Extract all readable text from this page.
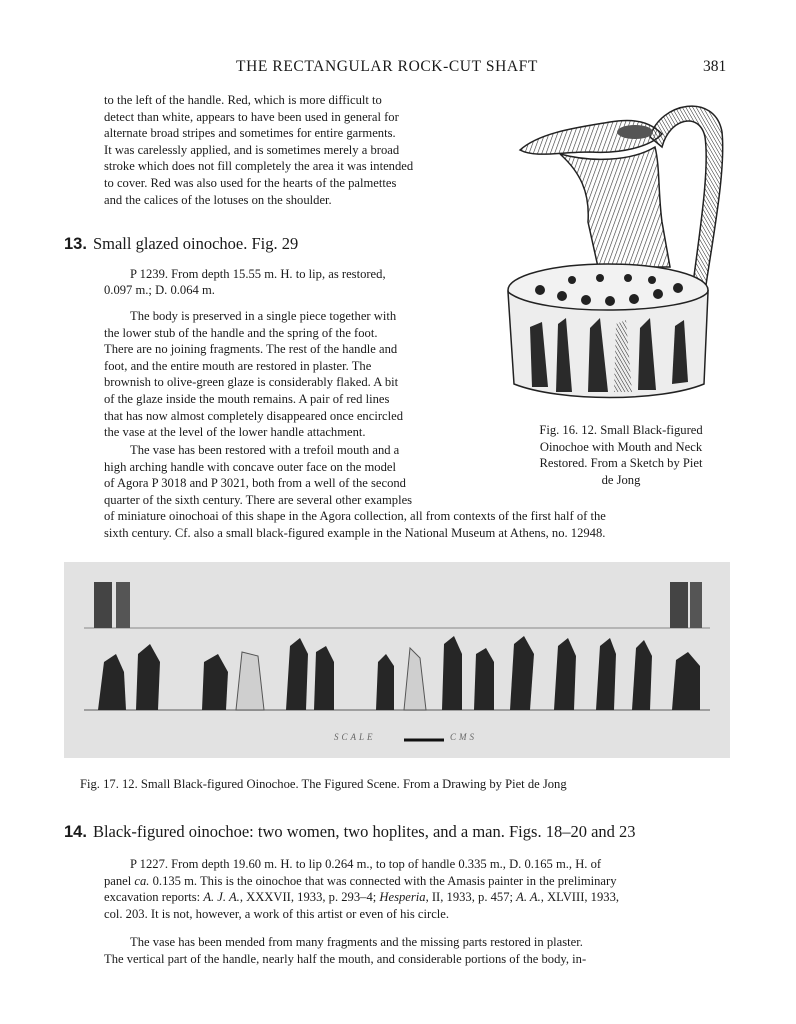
THE RECTANGULAR ROCK-CUT SHAFT	381

to the left of the handle. Red, which is more difficult to

detect than white, appears to have been used in general for

alternate broad stripes and sometimes for entire garments.

It was carelessly applied, and is sometimes merely a broad

stroke which does not fill completely the area it was intended

to cover. Red was also used for the hearts of the palmettes

and the calices of the lotuses on the shoulder.

13. Small glazed oinochoe. Fig. 29

P 1239. From depth 15.55 m. H. to lip, as restored,

0.097 m.; D. 0.064 m.

The body is preserved in a single piece together with

the lower stub of the handle and the spring of the foot.

There are no joining fragments. The rest of the handle and

foot, and the entire mouth are restored in plaster. The

brownish to olive-green glaze is considerably flaked. A bit

of the glaze inside the mouth remains. A pair of red lines

that has now almost completely disappeared once encircled

the vase at the level of the lower handle attachment.

The vase has been restored with a trefoil mouth and a

high arching handle with concave outer face on the model

of Agora P 3018 and P 3021, both from a well of the second

quarter of the sixth century. There are several other examples

of miniature oinochoai of this shape in the Agora collection, all from contexts of the first half of the

sixth century. Cf. also a small black-figured example in the National Museum at Athens, no. 12948.

Fig. 16. 12. Small Black-figured
Oinochoe with Mouth and Neck
Restored. From a Sketch by Piet
de Jong
SCALE	CMS
Fig. 17. 12. Small Black-figured Oinochoe. The Figured Scene. From a Drawing by Piet de Jong
14. Black-figured oinochoe: two women, two hoplites, and a man. Figs. 18–20 and 23

P 1227. From depth 19.60 m. H. to lip 0.264 m., to top of handle 0.335 m., D. 0.165 m., H. of

panel ca. 0.135 m. This is the oinochoe that was connected with the Amasis painter in the preliminary

excavation reports: A. J. A., XXXVII, 1933, p. 293–4; Hesperia, II, 1933, p. 457; A. A., XLVIII, 1933,

col. 203. It is not, however, a work of this artist or even of his circle.

The vase has been mended from many fragments and the missing parts restored in plaster.

The vertical part of the handle, nearly half the mouth, and considerable portions of the body, in-
